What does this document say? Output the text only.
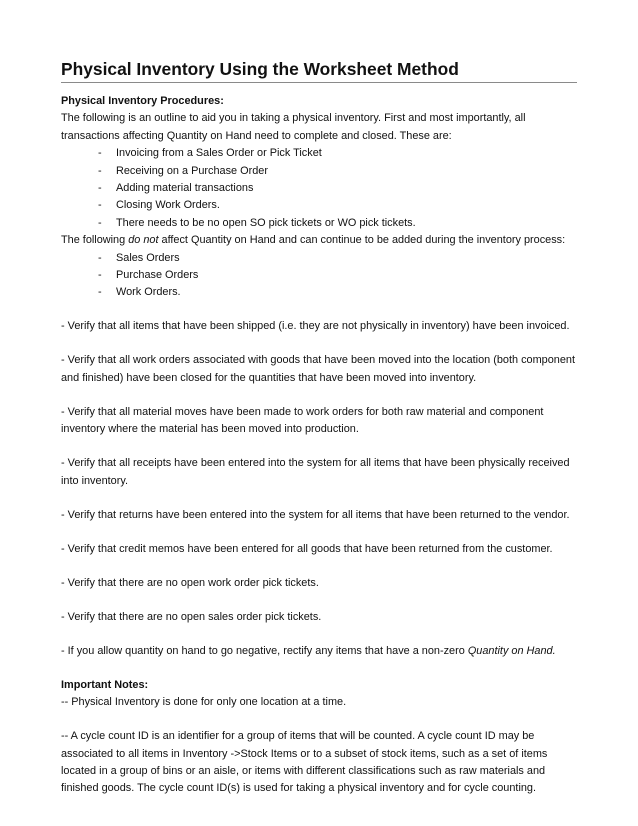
Physical Inventory Using the Worksheet Method

Physical Inventory Procedures:

The following is an outline to aid you in taking a physical inventory. First and most importantly, all transactions affecting Quantity on Hand need to complete and closed. These are:

-	Invoicing from a Sales Order or Pick Ticket
-	Receiving on a Purchase Order
-	Adding material transactions
-	Closing Work Orders.
-	There needs to be no open SO pick tickets or WO pick tickets.

The following do not affect Quantity on Hand and can continue to be added during the inventory process:

-	Sales Orders
-	Purchase Orders
-	Work Orders.

- Verify that all items that have been shipped (i.e. they are not physically in inventory) have been invoiced.

- Verify that all work orders associated with goods that have been moved into the location (both component and finished) have been closed for the quantities that have been moved into inventory.

- Verify that all material moves have been made to work orders for both raw material and component inventory where the material has been moved into production.

- Verify that all receipts have been entered into the system for all items that have been physically received into inventory.

- Verify that returns have been entered into the system for all items that have been returned to the vendor.

- Verify that credit memos have been entered for all goods that have been returned from the customer.

- Verify that there are no open work order pick tickets.

- Verify that there are no open sales order pick tickets.

- If you allow quantity on hand to go negative, rectify any items that have a non-zero Quantity on Hand.

Important Notes:

-- Physical Inventory is done for only one location at a time.

-- A cycle count ID is an identifier for a group of items that will be counted. A cycle count ID may be associated to all items in Inventory ->Stock Items or to a subset of stock items, such as a set of items located in a group of bins or an aisle, or items with different classifications such as raw materials and finished goods. The cycle count ID(s) is used for taking a physical inventory and for cycle counting.
